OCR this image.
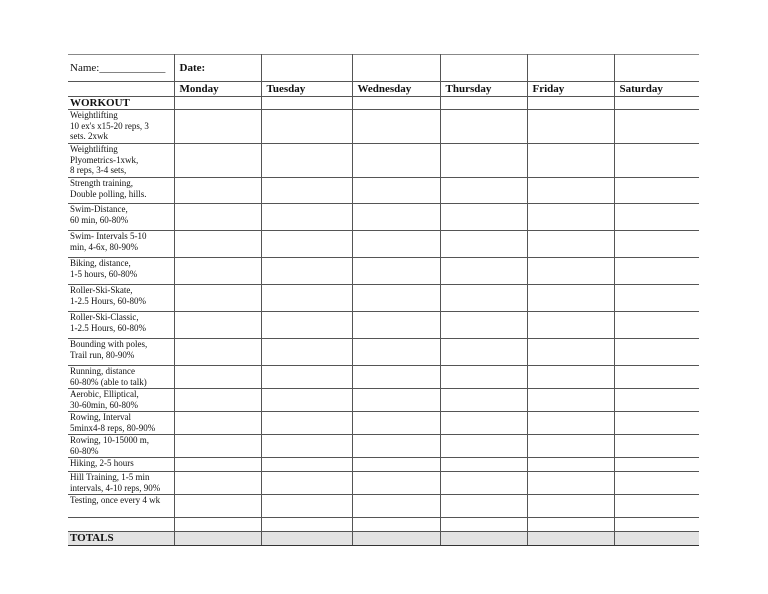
Name:____________	Date:					
	Monday	Tuesday	Wednesday	Thursday	Friday	Saturday
WORKOUT						

Weightlifting
10 ex's x15-20 reps, 3
sets. 2xwk						

Weightlifting
Plyometrics-1xwk,
8 reps, 3-4 sets,						

Strength training,
Double polling, hills.						

Swim-Distance,
60 min, 60-80%						

Swim- Intervals 5-10
min, 4-6x, 80-90%						

Biking, distance,
1-5 hours, 60-80%						

Roller-Ski-Skate,
1-2.5 Hours, 60-80%						

Roller-Ski-Classic,
1-2.5 Hours, 60-80%						

Bounding with poles,
Trail run, 80-90%						

Running, distance
60-80% (able to talk)						

Aerobic, Elliptical,
30-60min, 60-80%						

Rowing, Interval
5minx4-8 reps, 80-90%						

Rowing, 10-15000 m,
60-80%						

Hiking, 2-5 hours						

Hill Training, 1-5 min
intervals, 4-10 reps, 90%						

Testing, once every 4 wk						

TOTALS						
